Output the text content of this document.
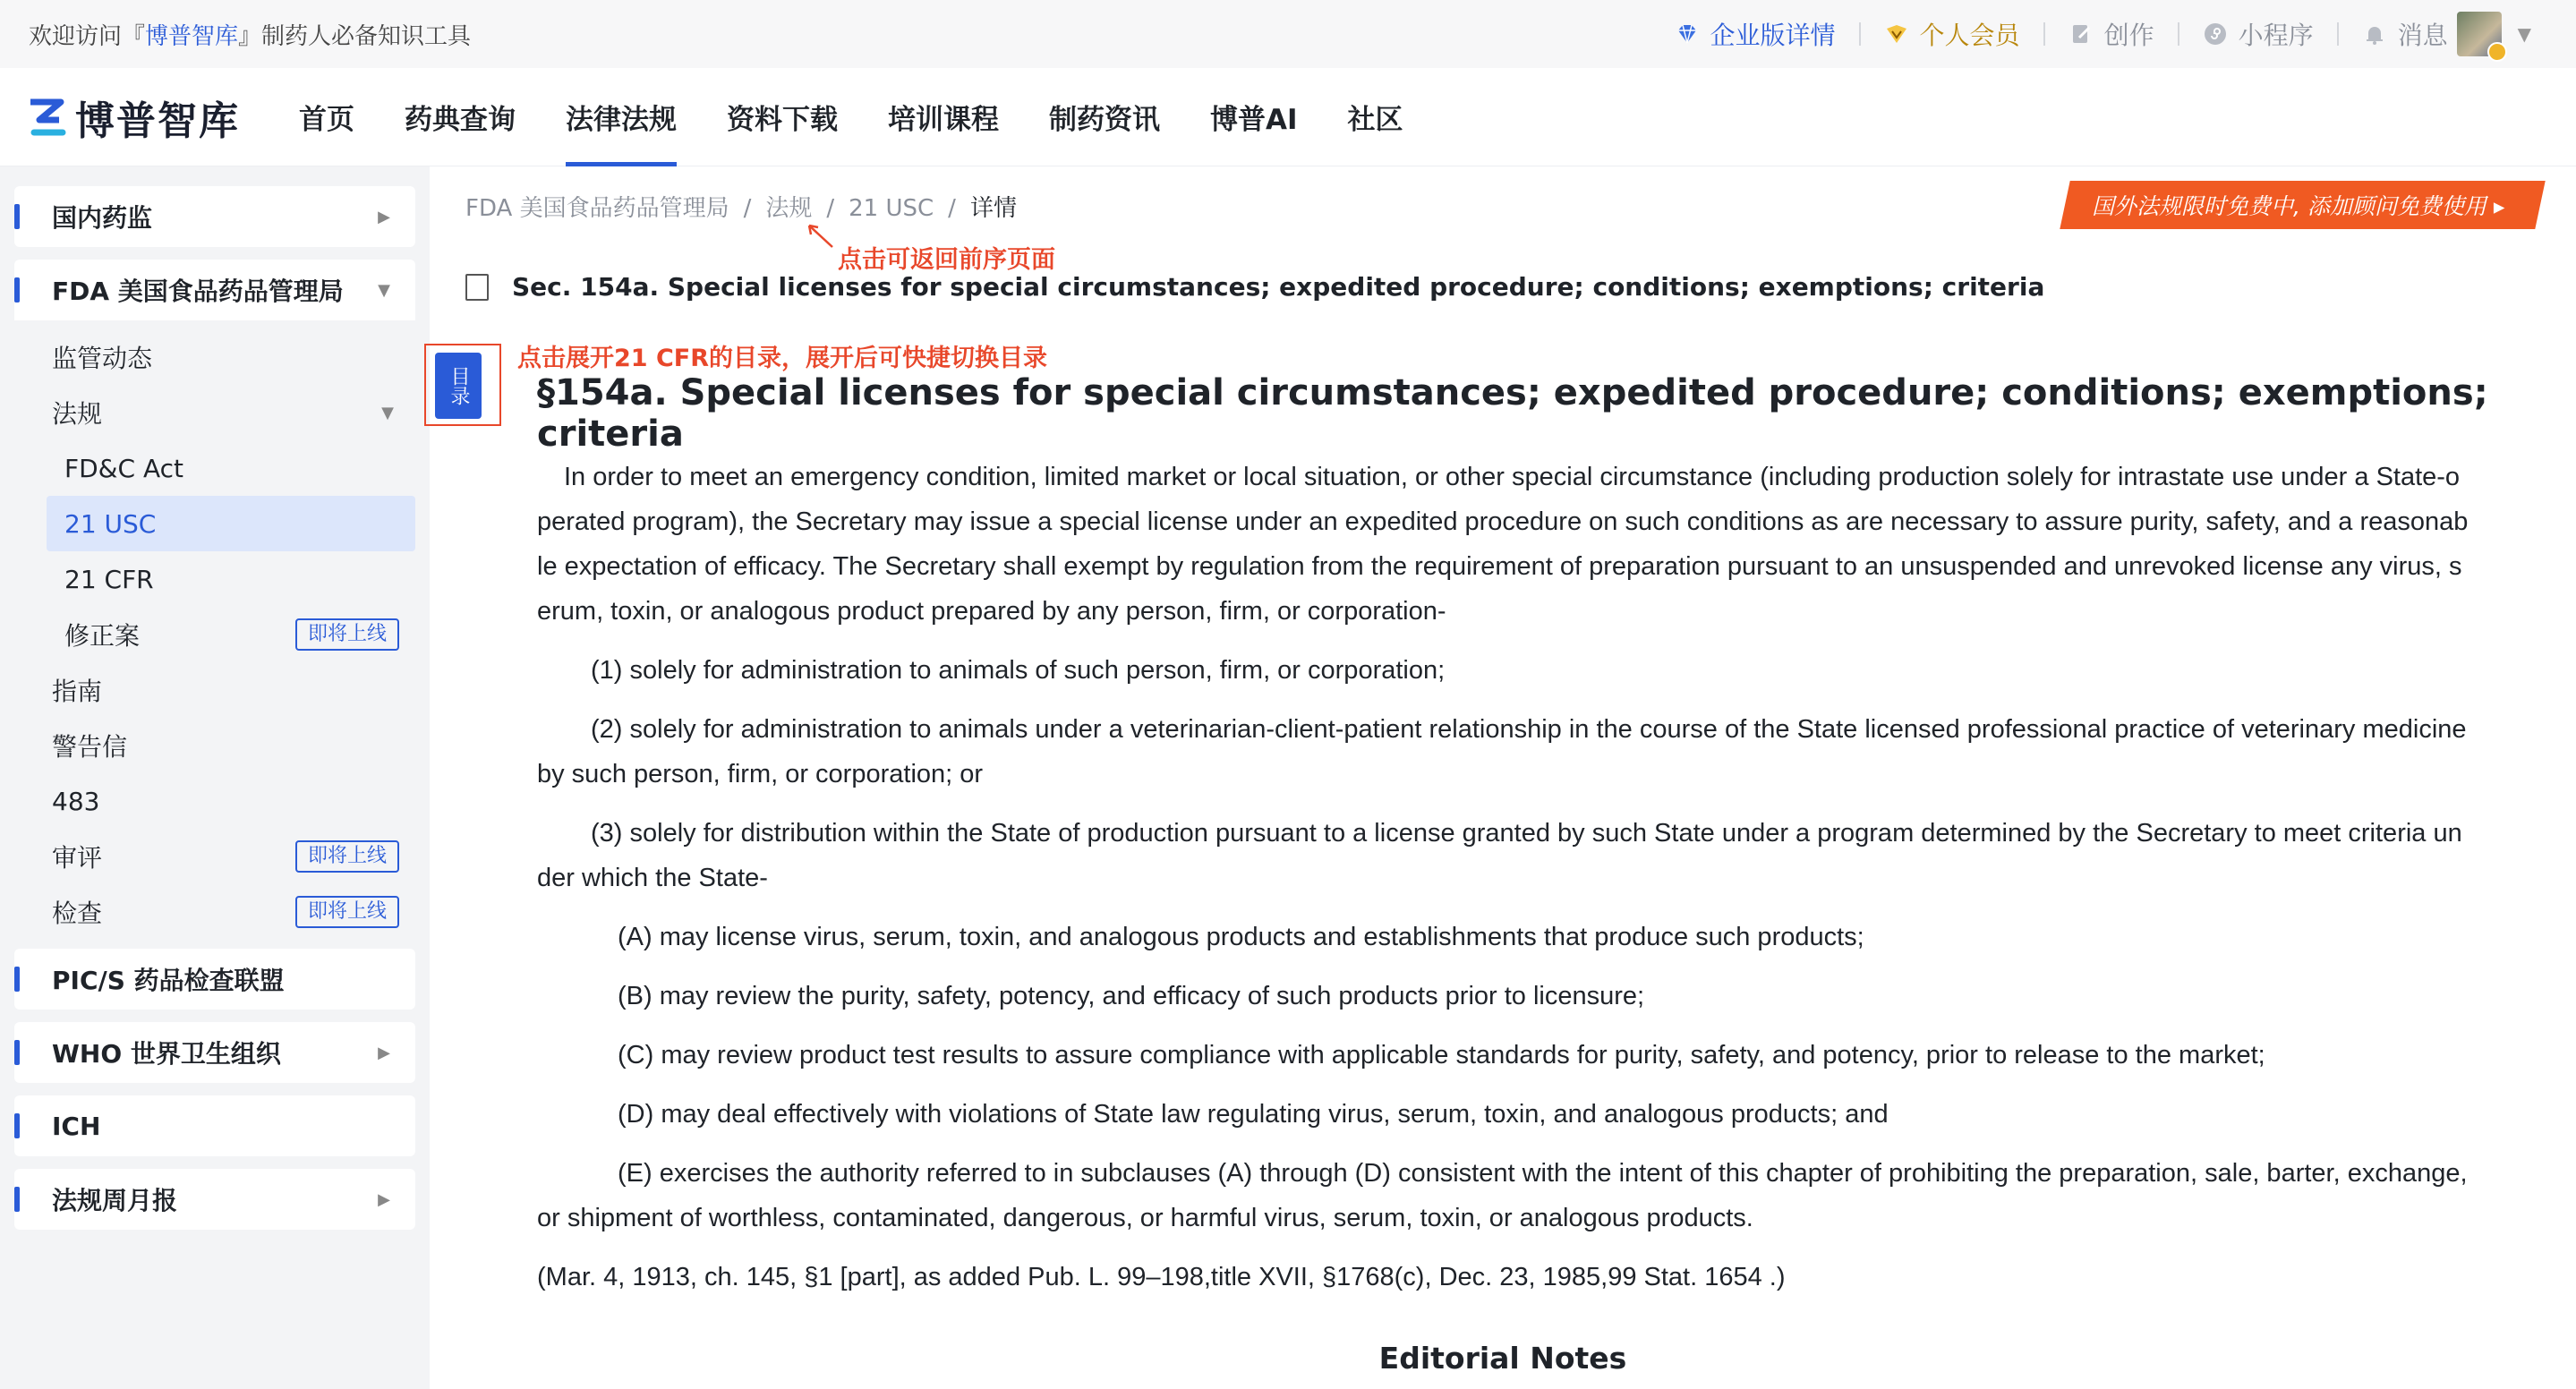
欢迎访问『博普智库』制药人必备知识工具	企业版详情	个人会员	创作	小程序	消息	▼
博普智库 首页 药典查询 法律法规 资料下载 培训课程 制药资讯 博普AI 社区
国内药监	▶
FDA 美国食品药品管理局 ▼
监管动态
法规	▼
FD&C Act
21 USC
21 CFR
修正案	即将上线
指南
警告信
483
审评	即将上线
检查	即将上线
PIC/S 药品检查联盟
WHO 世界卫生组织	▶
ICH
法规周月报	▶
FDA 美国食品药品管理局 / 法规 / 21 USC / 详情	国外法规限时免费中, 添加顾问免费使用 ▸
点击可返回前序页面
Sec. 154a. Special licenses for special circumstances; expedited procedure; conditions; exemptions; criteria
目录
点击展开21 CFR的目录，展开后可快捷切换目录
§154a. Special licenses for special circumstances; expedited procedure; conditions; exemptions; criteria

In order to meet an emergency condition, limited market or local situation, or other special circumstance (including production solely for intrastate use under a State-operated program), the Secretary may issue a special license under an expedited procedure on such conditions as are necessary to assure purity, safety, and a reasonable expectation of efficacy. The Secretary shall exempt by regulation from the requirement of preparation pursuant to an unsuspended and unrevoked license any virus, serum, toxin, or analogous product prepared by any person, firm, or corporation-

(1) solely for administration to animals of such person, firm, or corporation;

(2) solely for administration to animals under a veterinarian-client-patient relationship in the course of the State licensed professional practice of veterinary medicine by such person, firm, or corporation; or

(3) solely for distribution within the State of production pursuant to a license granted by such State under a program determined by the Secretary to meet criteria under which the State-

(A) may license virus, serum, toxin, and analogous products and establishments that produce such products;

(B) may review the purity, safety, potency, and efficacy of such products prior to licensure;

(C) may review product test results to assure compliance with applicable standards for purity, safety, and potency, prior to release to the market;

(D) may deal effectively with violations of State law regulating virus, serum, toxin, and analogous products; and

(E) exercises the authority referred to in subclauses (A) through (D) consistent with the intent of this chapter of prohibiting the preparation, sale, barter, exchange, or shipment of worthless, contaminated, dangerous, or harmful virus, serum, toxin, or analogous products.

(Mar. 4, 1913, ch. 145, §1 [part], as added Pub. L. 99–198,title XVII, §1768(c), Dec. 23, 1985,99 Stat. 1654 .)

Editorial Notes
